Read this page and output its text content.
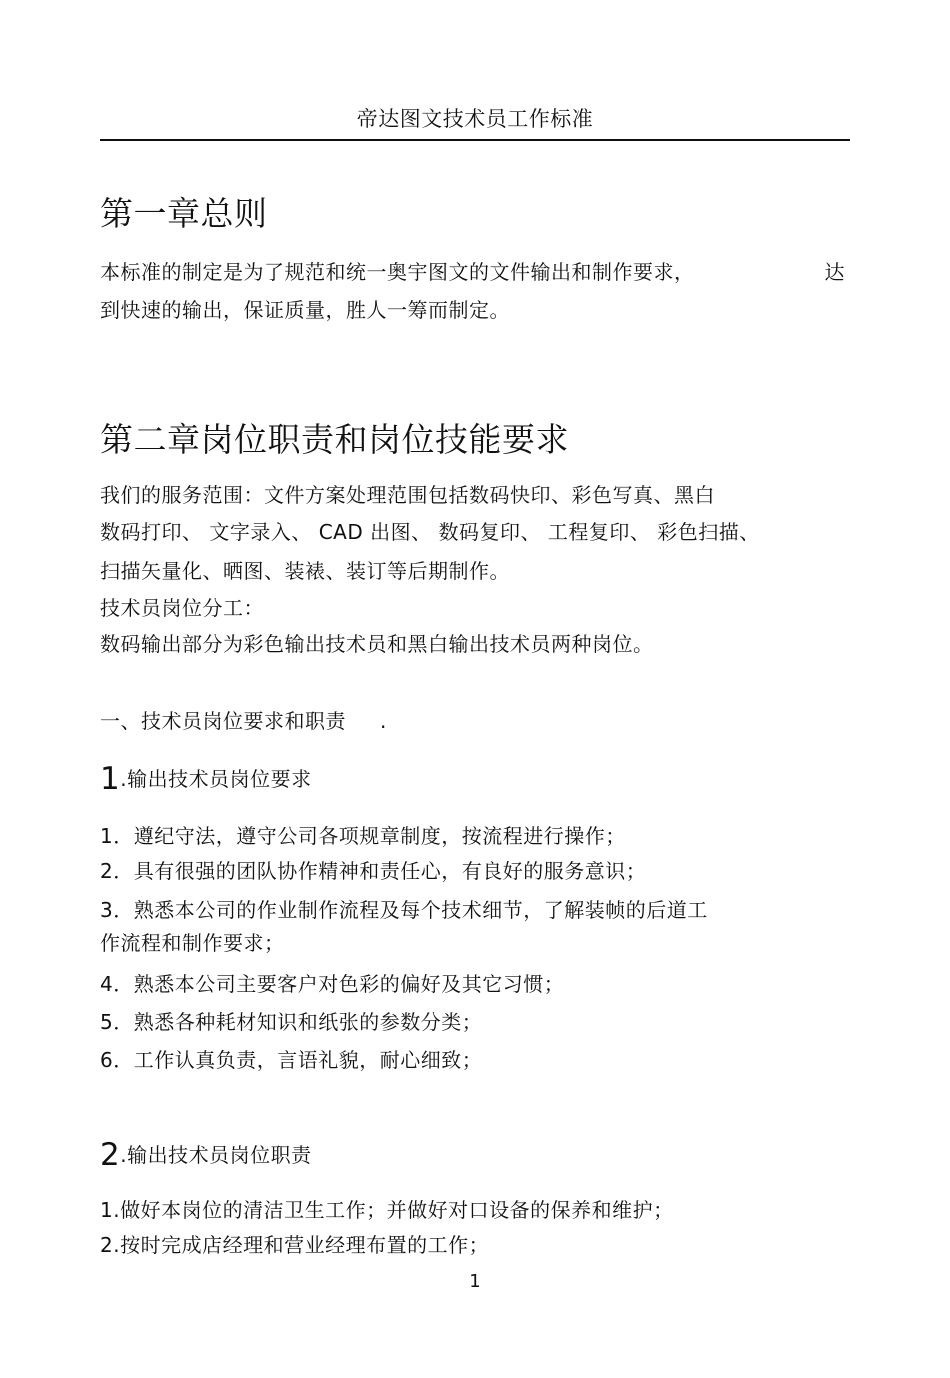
帝达图文技术员工作标准
第一章总则
本标准的制定是为了规范和统一奥宇图文的文件输出和制作要求，	达
到快速的输出，保证质量，胜人一筹而制定。
第二章岗位职责和岗位技能要求
我们的服务范围：文件方案处理范围包括数码快印、彩色写真、黑白
数码打印、 文字录入、 CAD 出图、 数码复印、 工程复印、 彩色扫描、
扫描矢量化、晒图、装裱、装订等后期制作。
技术员岗位分工：
数码输出部分为彩色输出技术员和黑白输出技术员两种岗位。
一、技术员岗位要求和职责 .
1.输出技术员岗位要求
1．遵纪守法，遵守公司各项规章制度，按流程进行操作；
2．具有很强的团队协作精神和责任心，有良好的服务意识；
3．熟悉本公司的作业制作流程及每个技术细节，了解装帧的后道工
作流程和制作要求；
4．熟悉本公司主要客户对色彩的偏好及其它习惯；
5．熟悉各种耗材知识和纸张的参数分类；
6．工作认真负责，言语礼貌，耐心细致；
2.输出技术员岗位职责
1.做好本岗位的清洁卫生工作；并做好对口设备的保养和维护；
2.按时完成店经理和营业经理布置的工作；
1
